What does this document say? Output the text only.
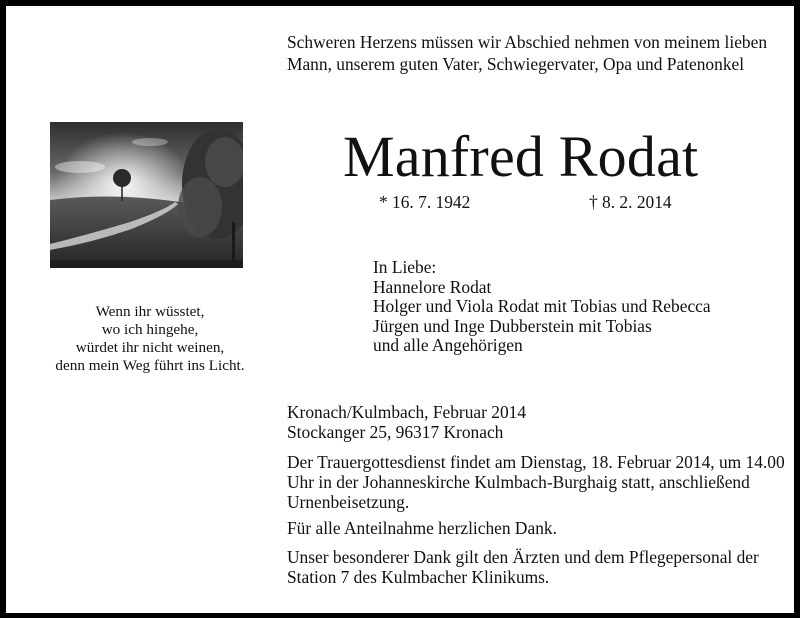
Schweren Herzens müssen wir Abschied nehmen von meinem lieben Mann, unserem guten Vater, Schwiegervater, Opa und Patenonkel
Manfred Rodat
* 16. 7. 1942	† 8. 2. 2014
Wenn ihr wüsstet,
wo ich hingehe,
würdet ihr nicht weinen,
denn mein Weg führt ins Licht.
In Liebe:
Hannelore Rodat
Holger und Viola Rodat mit Tobias und Rebecca
Jürgen und Inge Dubberstein mit Tobias
und alle Angehörigen
Kronach/Kulmbach, Februar 2014
Stockanger 25, 96317 Kronach
Der Trauergottesdienst findet am Dienstag, 18. Februar 2014, um 14.00 Uhr in der Johanneskirche Kulmbach-Burghaig statt, anschließend Urnenbeisetzung.
Für alle Anteilnahme herzlichen Dank.
Unser besonderer Dank gilt den Ärzten und dem Pflegepersonal der Station 7 des Kulmbacher Klinikums.
